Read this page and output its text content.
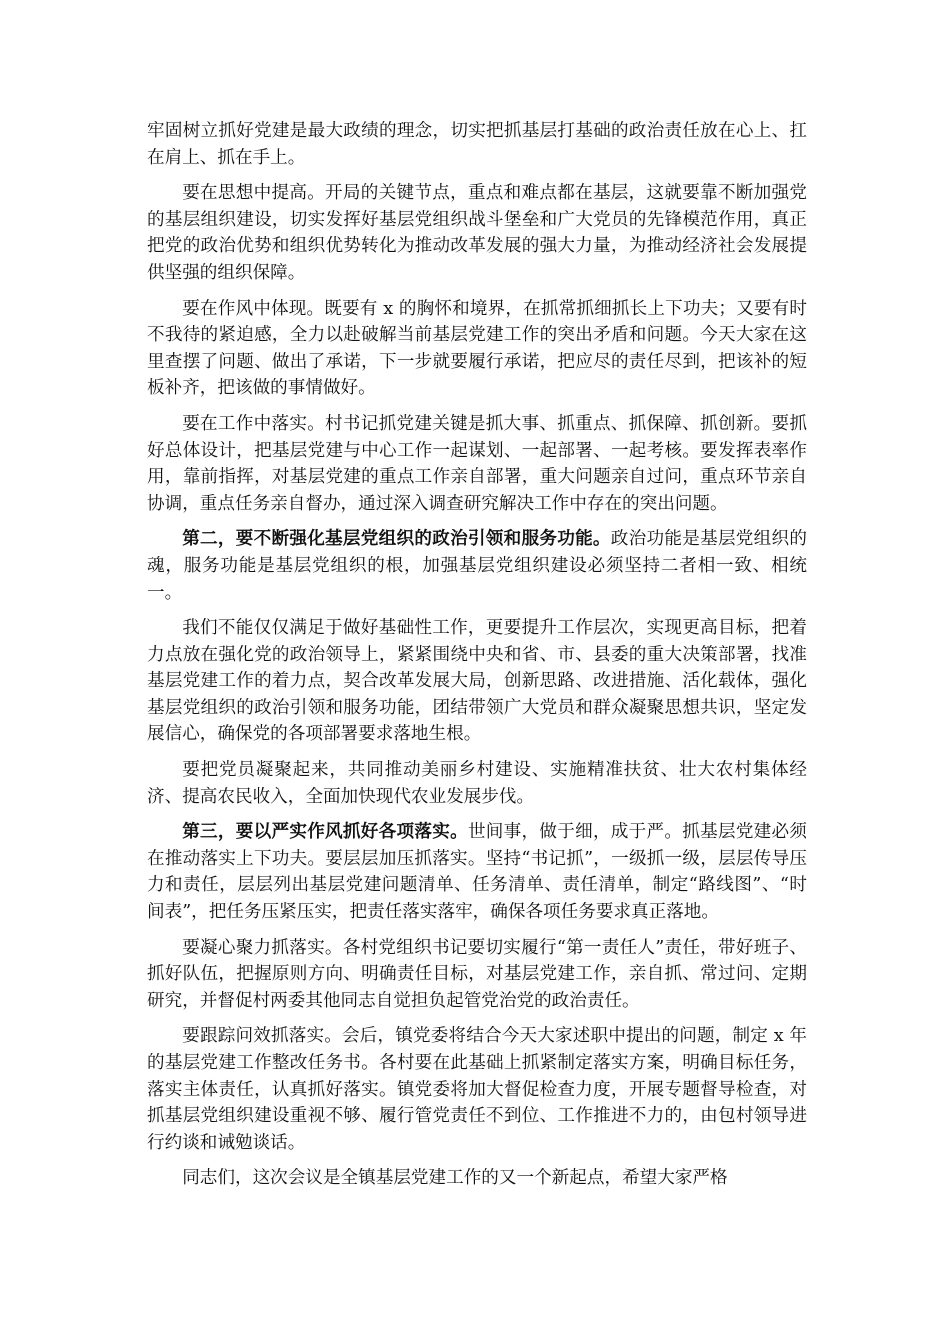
牢固树立抓好党建是最大政绩的理念，切实把抓基层打基础的政治责任放在心上、扛在肩上、抓在手上。

要在思想中提高。开局的关键节点，重点和难点都在基层，这就要靠不断加强党的基层组织建设，切实发挥好基层党组织战斗堡垒和广大党员的先锋模范作用，真正把党的政治优势和组织优势转化为推动改革发展的强大力量，为推动经济社会发展提供坚强的组织保障。

要在作风中体现。既要有 x 的胸怀和境界，在抓常抓细抓长上下功夫；又要有时不我待的紧迫感，全力以赴破解当前基层党建工作的突出矛盾和问题。今天大家在这里查摆了问题、做出了承诺，下一步就要履行承诺，把应尽的责任尽到，把该补的短板补齐，把该做的事情做好。

要在工作中落实。村书记抓党建关键是抓大事、抓重点、抓保障、抓创新。要抓好总体设计，把基层党建与中心工作一起谋划、一起部署、一起考核。要发挥表率作用，靠前指挥，对基层党建的重点工作亲自部署，重大问题亲自过问，重点环节亲自协调，重点任务亲自督办，通过深入调查研究解决工作中存在的突出问题。

第二，要不断强化基层党组织的政治引领和服务功能。政治功能是基层党组织的魂，服务功能是基层党组织的根，加强基层党组织建设必须坚持二者相一致、相统一。

我们不能仅仅满足于做好基础性工作，更要提升工作层次，实现更高目标，把着力点放在强化党的政治领导上，紧紧围绕中央和省、市、县委的重大决策部署，找准基层党建工作的着力点，契合改革发展大局，创新思路、改进措施、活化载体，强化基层党组织的政治引领和服务功能，团结带领广大党员和群众凝聚思想共识，坚定发展信心，确保党的各项部署要求落地生根。

要把党员凝聚起来，共同推动美丽乡村建设、实施精准扶贫、壮大农村集体经济、提高农民收入，全面加快现代农业发展步伐。

第三，要以严实作风抓好各项落实。世间事，做于细，成于严。抓基层党建必须在推动落实上下功夫。要层层加压抓落实。坚持“书记抓”，一级抓一级，层层传导压力和责任，层层列出基层党建问题清单、任务清单、责任清单，制定“路线图”、“时间表”，把任务压紧压实，把责任落实落牢，确保各项任务要求真正落地。

要凝心聚力抓落实。各村党组织书记要切实履行“第一责任人”责任，带好班子、抓好队伍，把握原则方向、明确责任目标，对基层党建工作，亲自抓、常过问、定期研究，并督促村两委其他同志自觉担负起管党治党的政治责任。

要跟踪问效抓落实。会后，镇党委将结合今天大家述职中提出的问题，制定 x 年的基层党建工作整改任务书。各村要在此基础上抓紧制定落实方案，明确目标任务，落实主体责任，认真抓好落实。镇党委将加大督促检查力度，开展专题督导检查，对抓基层党组织建设重视不够、履行管党责任不到位、工作推进不力的，由包村领导进行约谈和诫勉谈话。

同志们，这次会议是全镇基层党建工作的又一个新起点，希望大家严格
